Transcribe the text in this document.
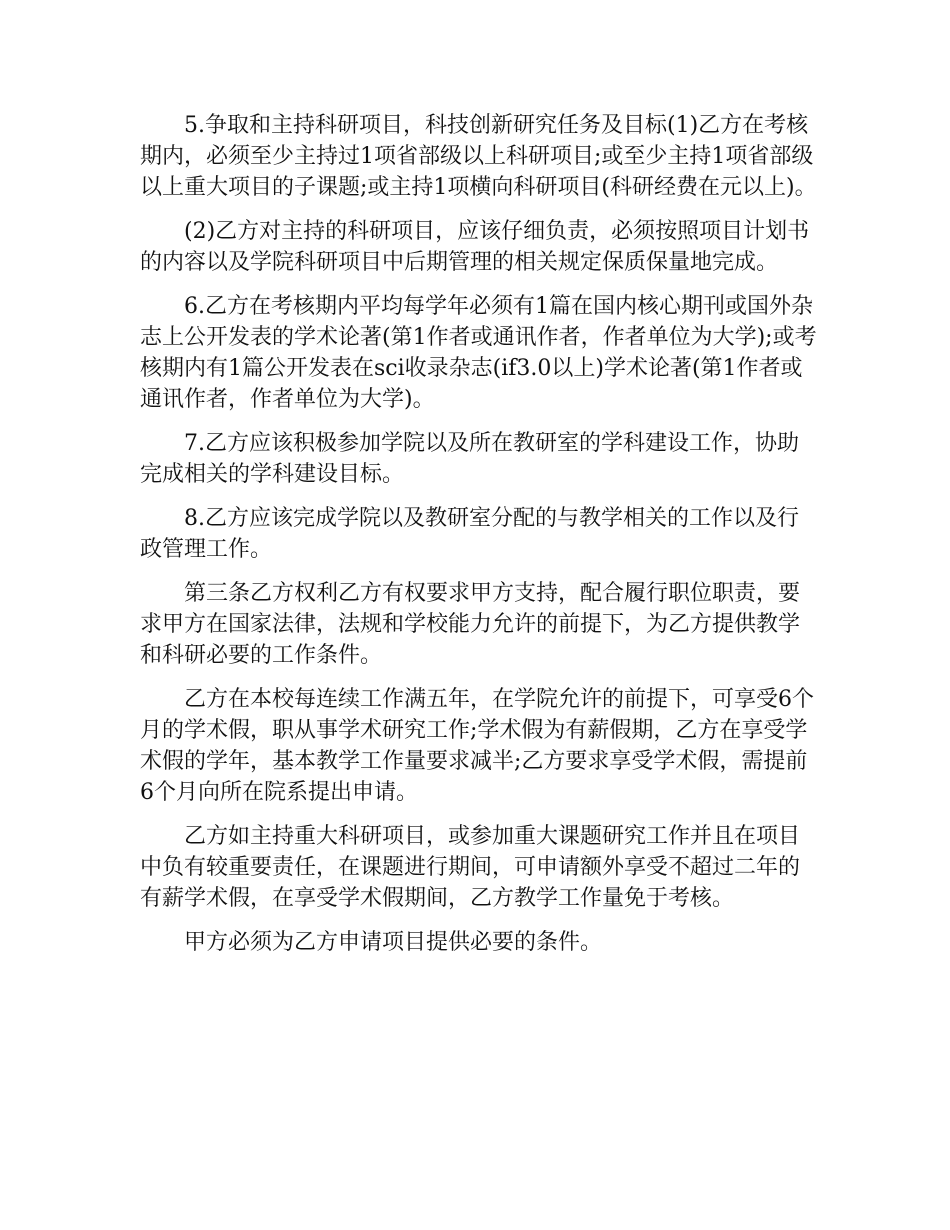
5.争取和主持科研项目，科技创新研究任务及目标(1)乙方在考核期内，必须至少主持过1项省部级以上科研项目;或至少主持1项省部级以上重大项目的子课题;或主持1项横向科研项目(科研经费在元以上)。

(2)乙方对主持的科研项目，应该仔细负责，必须按照项目计划书的内容以及学院科研项目中后期管理的相关规定保质保量地完成。

6.乙方在考核期内平均每学年必须有1篇在国内核心期刊或国外杂志上公开发表的学术论著(第1作者或通讯作者，作者单位为大学);或考核期内有1篇公开发表在sci收录杂志(if3.0以上)学术论著(第1作者或通讯作者，作者单位为大学)。

7.乙方应该积极参加学院以及所在教研室的学科建设工作，协助完成相关的学科建设目标。

8.乙方应该完成学院以及教研室分配的与教学相关的工作以及行政管理工作。

第三条乙方权利乙方有权要求甲方支持，配合履行职位职责，要求甲方在国家法律，法规和学校能力允许的前提下，为乙方提供教学和科研必要的工作条件。

乙方在本校每连续工作满五年，在学院允许的前提下，可享受6个月的学术假，职从事学术研究工作;学术假为有薪假期，乙方在享受学术假的学年，基本教学工作量要求减半;乙方要求享受学术假，需提前6个月向所在院系提出申请。

乙方如主持重大科研项目，或参加重大课题研究工作并且在项目中负有较重要责任，在课题进行期间，可申请额外享受不超过二年的有薪学术假，在享受学术假期间，乙方教学工作量免于考核。

甲方必须为乙方申请项目提供必要的条件。
